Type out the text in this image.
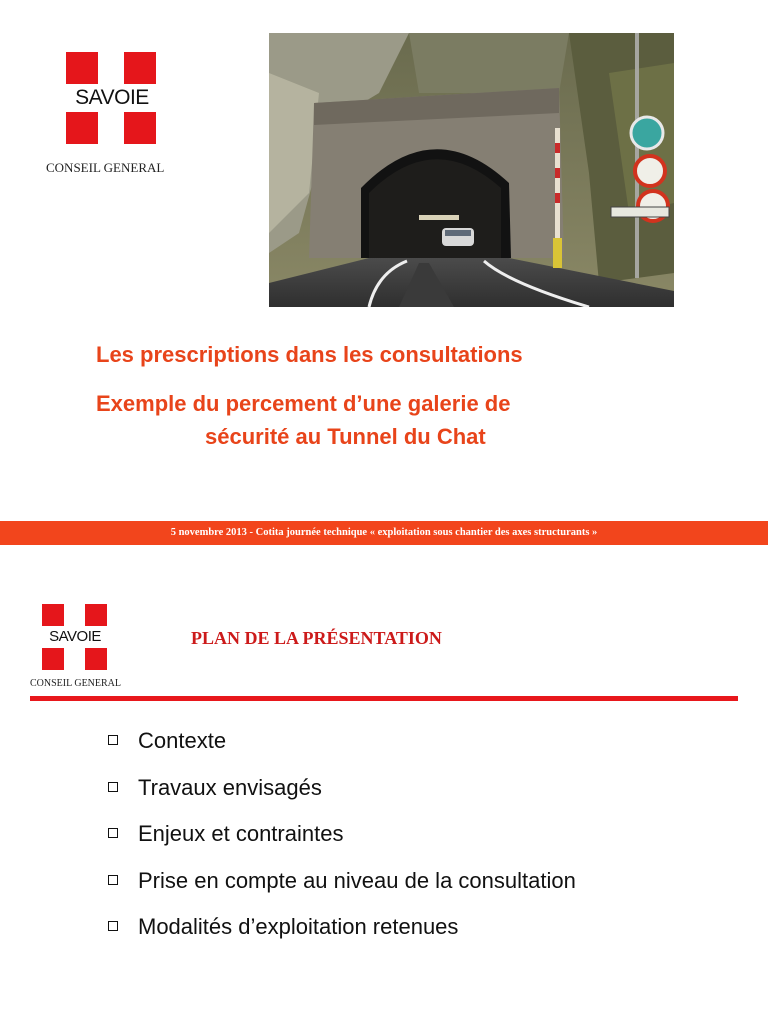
SAVOIE
CONSEIL GENERAL
Les prescriptions dans les consultations
Exemple du percement d’une galerie de
sécurité au Tunnel du Chat
5 novembre 2013 - Cotita journée technique « exploitation sous chantier des axes structurants »
SAVOIE
CONSEIL GENERAL
PLAN DE LA PRÉSENTATION
Contexte
Travaux envisagés
Enjeux et contraintes
Prise en compte au niveau de la consultation
Modalités d’exploitation retenues
